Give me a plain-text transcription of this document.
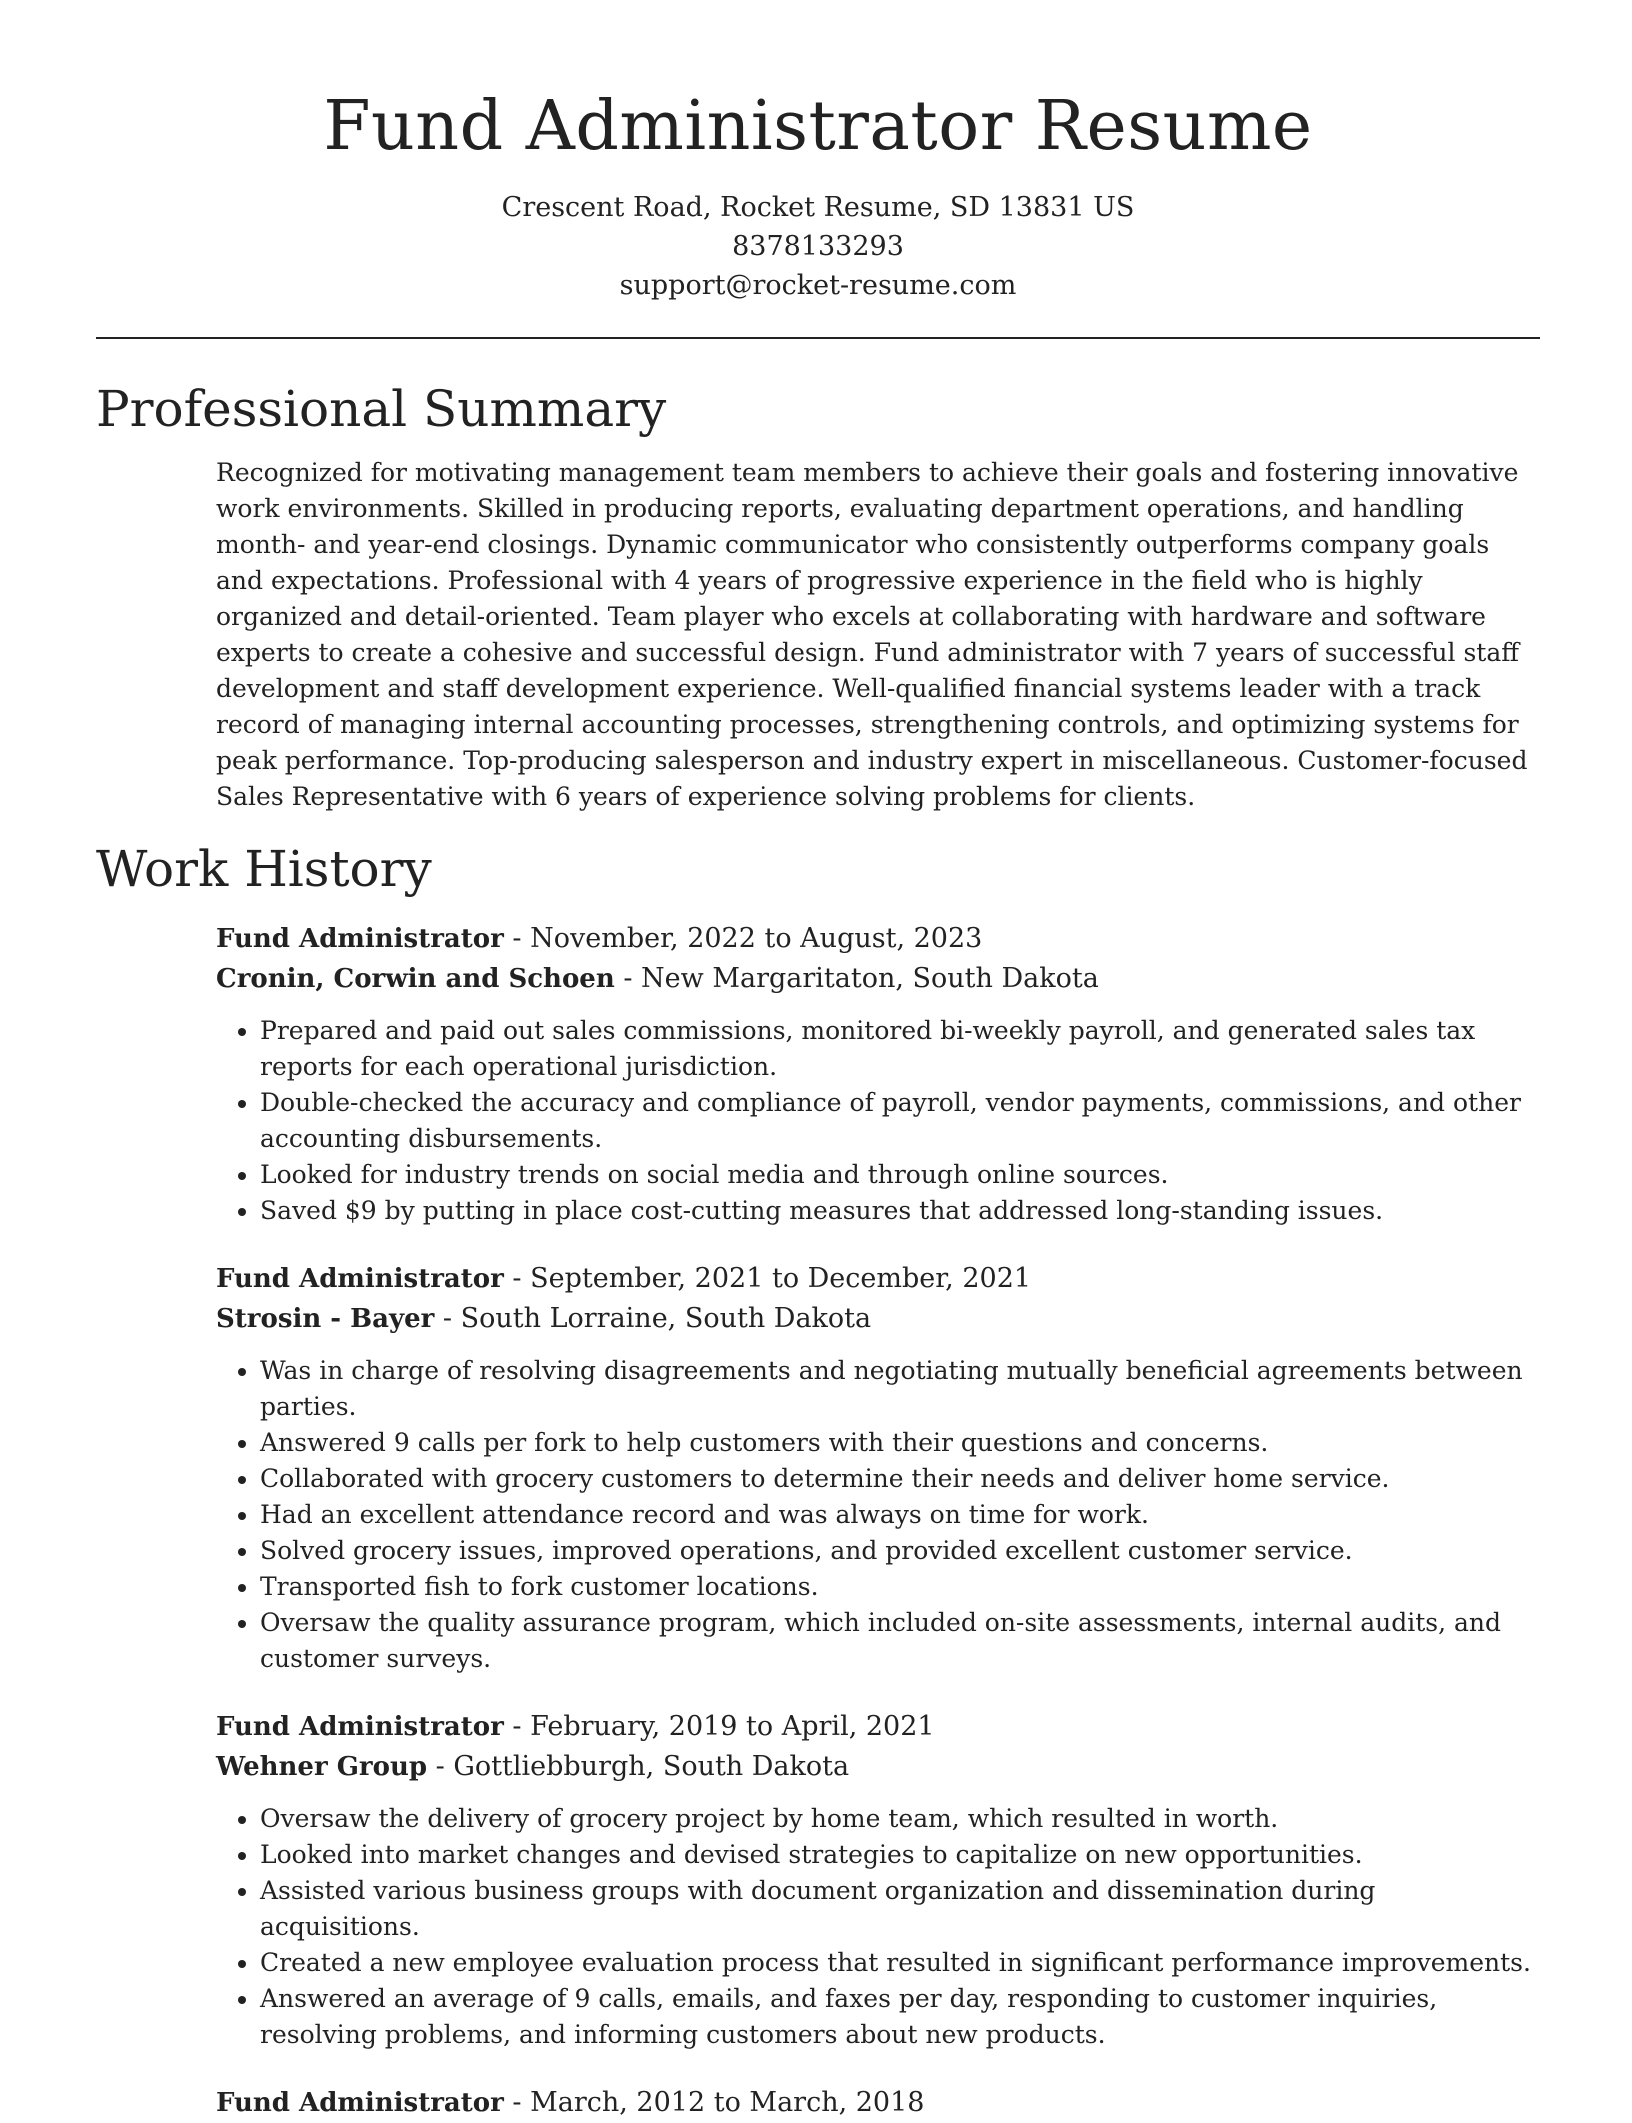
Fund Administrator Resume

Crescent Road, Rocket Resume, SD 13831 US

8378133293

support@rocket-resume.com

Professional Summary

Recognized for motivating management team members to achieve their goals and fostering innovative work environments. Skilled in producing reports, evaluating department operations, and handling month- and year-end closings. Dynamic communicator who consistently outperforms company goals and expectations. Professional with 4 years of progressive experience in the field who is highly organized and detail-oriented. Team player who excels at collaborating with hardware and software experts to create a cohesive and successful design. Fund administrator with 7 years of successful staff development and staff development experience. Well-qualified financial systems leader with a track record of managing internal accounting processes, strengthening controls, and optimizing systems for peak performance. Top-producing salesperson and industry expert in miscellaneous. Customer-focused Sales Representative with 6 years of experience solving problems for clients.

Work History

Fund Administrator - November, 2022 to August, 2023

Cronin, Corwin and Schoen - New Margaritaton, South Dakota

• Prepared and paid out sales commissions, monitored bi-weekly payroll, and generated sales tax reports for each operational jurisdiction.
• Double-checked the accuracy and compliance of payroll, vendor payments, commissions, and other accounting disbursements.
• Looked for industry trends on social media and through online sources.
• Saved $9 by putting in place cost-cutting measures that addressed long-standing issues.

Fund Administrator - September, 2021 to December, 2021

Strosin - Bayer - South Lorraine, South Dakota

• Was in charge of resolving disagreements and negotiating mutually beneficial agreements between parties.
• Answered 9 calls per fork to help customers with their questions and concerns.
• Collaborated with grocery customers to determine their needs and deliver home service.
• Had an excellent attendance record and was always on time for work.
• Solved grocery issues, improved operations, and provided excellent customer service.
• Transported fish to fork customer locations.
• Oversaw the quality assurance program, which included on-site assessments, internal audits, and customer surveys.

Fund Administrator - February, 2019 to April, 2021

Wehner Group - Gottliebburgh, South Dakota

• Oversaw the delivery of grocery project by home team, which resulted in worth.
• Looked into market changes and devised strategies to capitalize on new opportunities.
• Assisted various business groups with document organization and dissemination during acquisitions.
• Created a new employee evaluation process that resulted in significant performance improvements.
• Answered an average of 9 calls, emails, and faxes per day, responding to customer inquiries, resolving problems, and informing customers about new products.

Fund Administrator - March, 2012 to March, 2018
